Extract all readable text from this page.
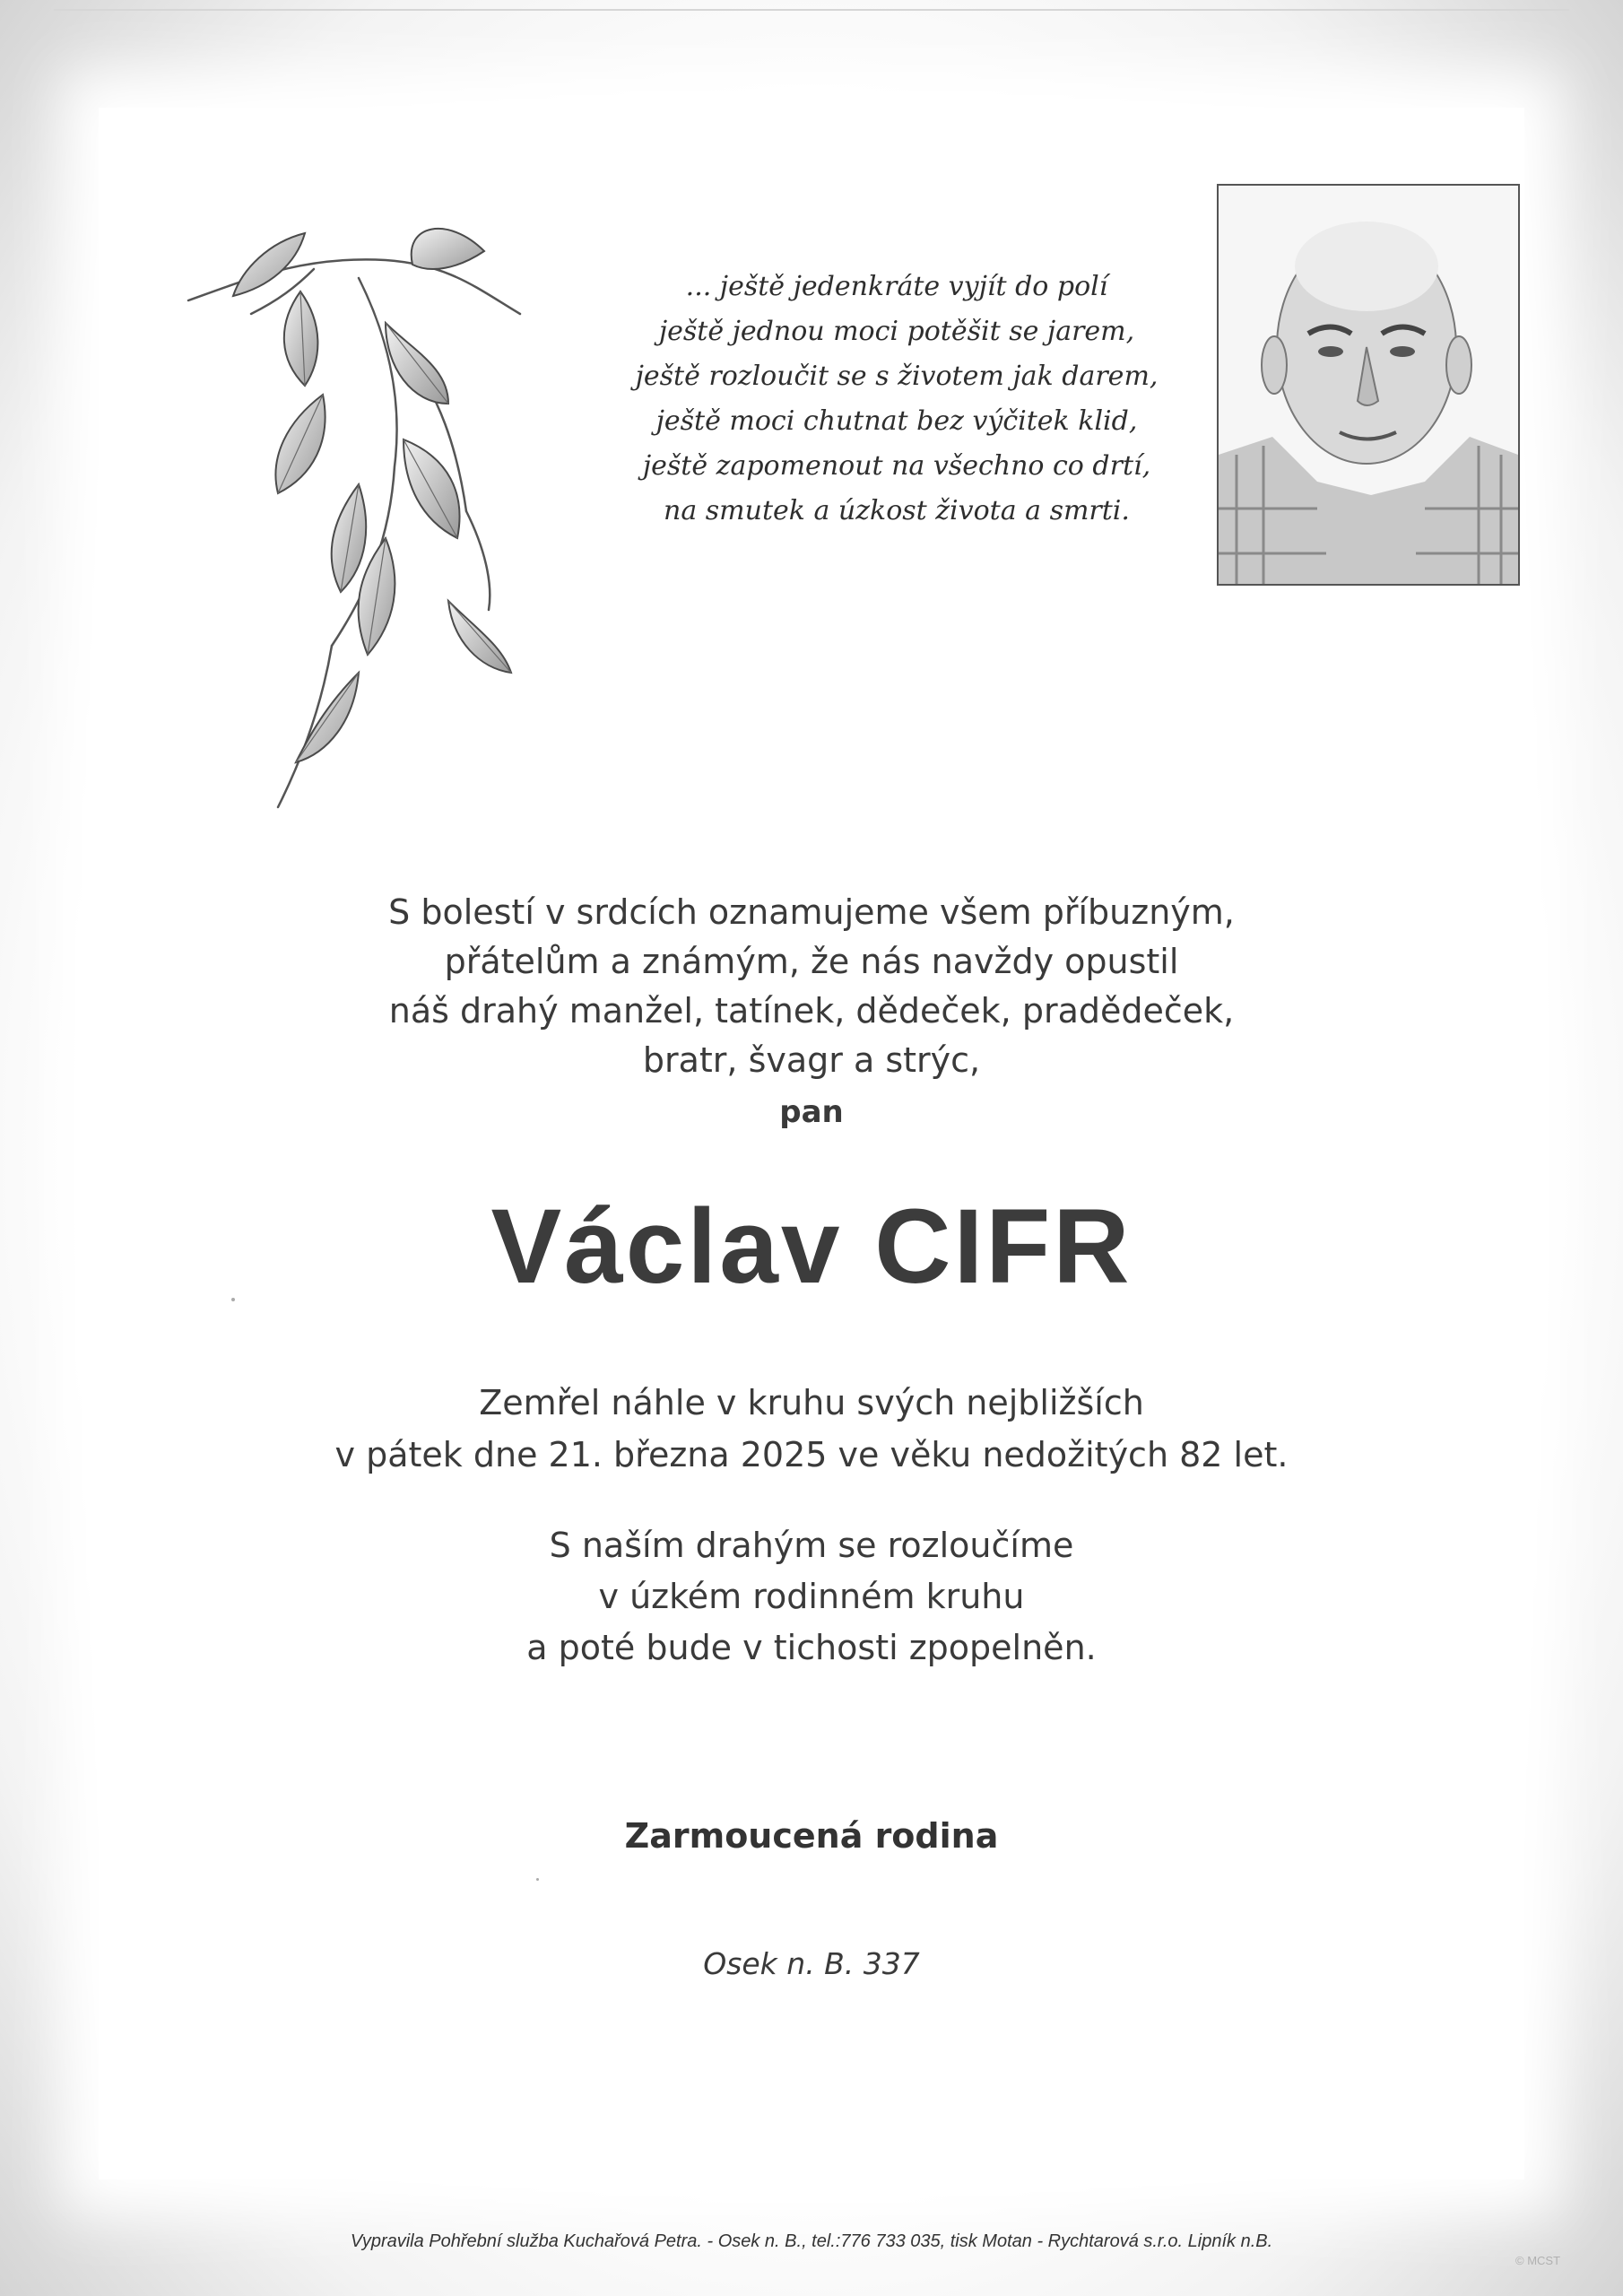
... ještě jedenkráte vyjít do polí
ještě jednou moci potěšit se jarem,
ještě rozloučit se s životem jak darem,
ještě moci chutnat bez výčitek klid,
ještě zapomenout na všechno co drtí,
na smutek a úzkost života a smrti.
S bolestí v srdcích oznamujeme všem příbuzným,
přátelům a známým, že nás navždy opustil
náš drahý manžel, tatínek, dědeček, pradědeček,
bratr, švagr a strýc,
pan
Václav CIFR
Zemřel náhle v kruhu svých nejbližších
v pátek dne 21. března 2025 ve věku nedožitých 82 let.
S naším drahým se rozloučíme
v úzkém rodinném kruhu
a poté bude v tichosti zpopelněn.
Zarmoucená rodina
Osek n. B. 337
Vypravila Pohřební služba Kuchařová Petra. - Osek n. B., tel.:776 733 035, tisk Motan - Rychtarová s.r.o. Lipník n.B.
© MCST
